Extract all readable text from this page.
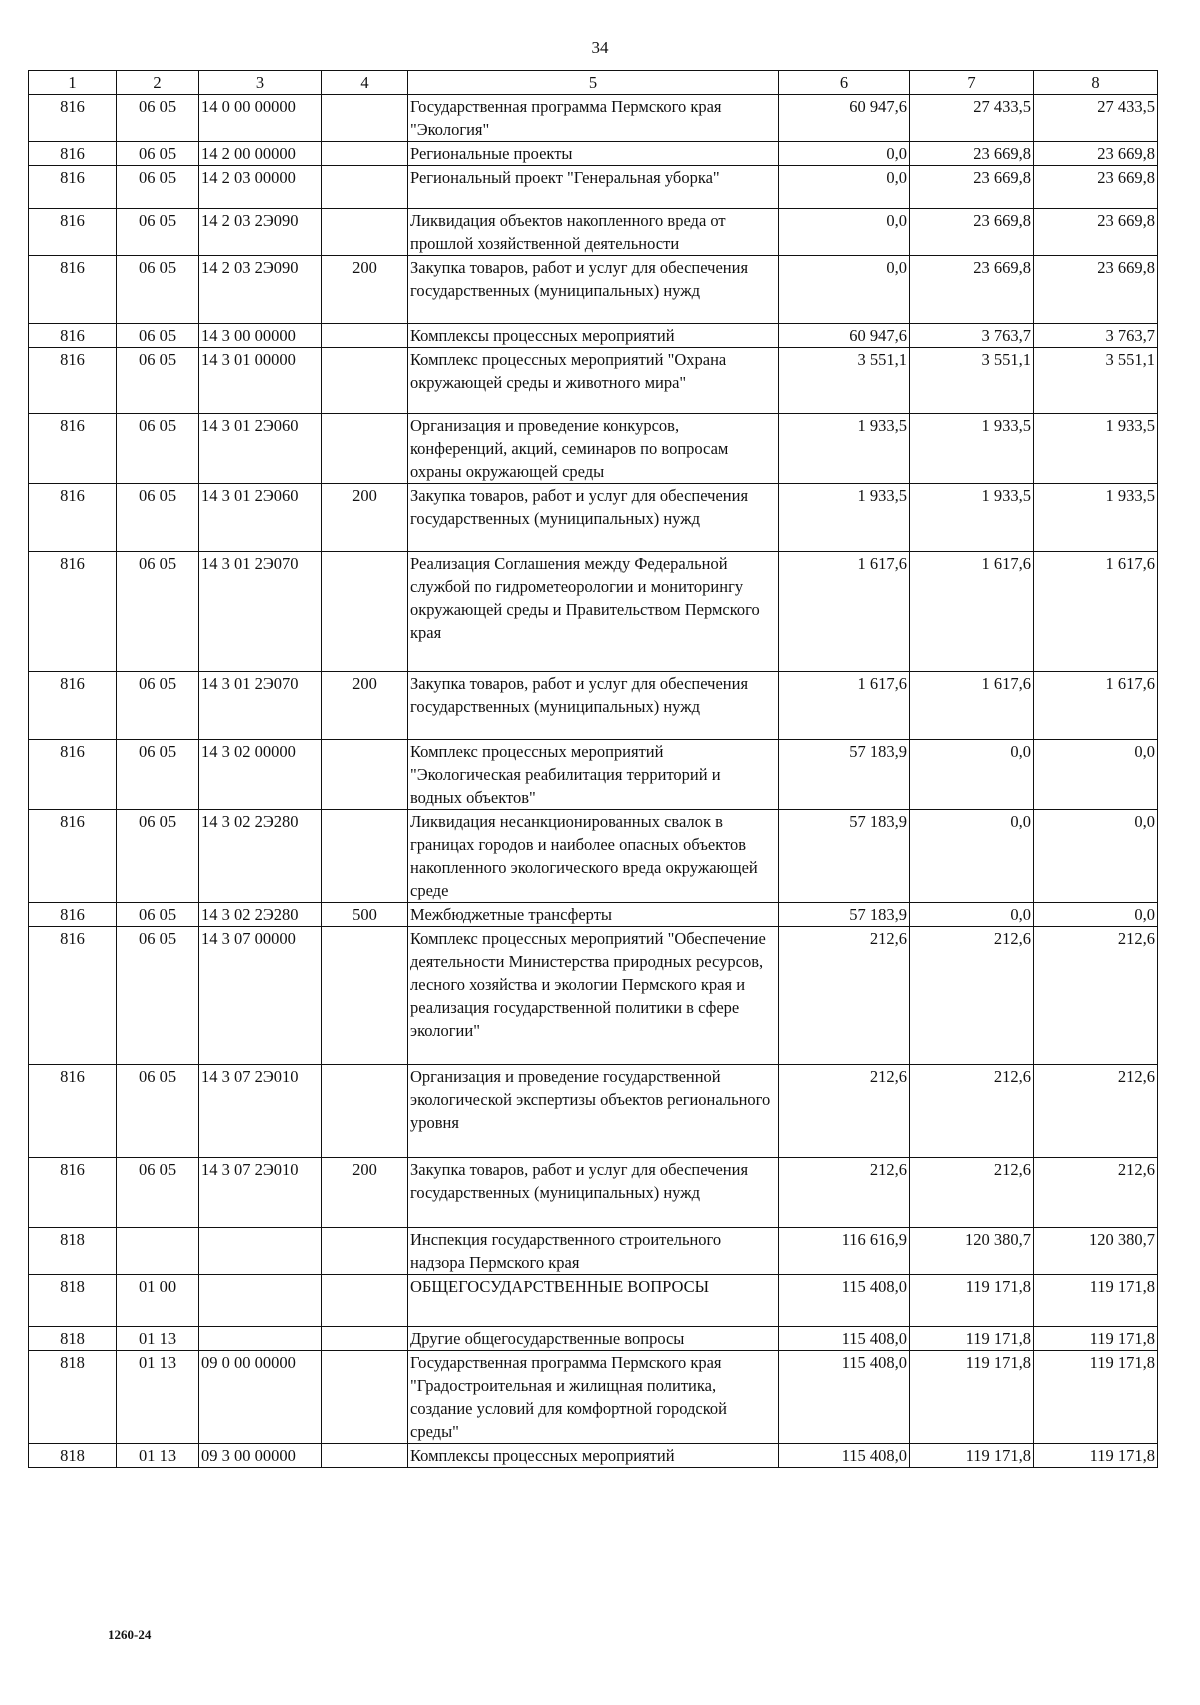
34
1	2	3	4	5	6	7	8
816	06 05	14 0 00 00000		Государственная программа Пермского края "Экология"	60 947,6	27 433,5	27 433,5
816	06 05	14 2 00 00000		Региональные проекты	0,0	23 669,8	23 669,8
816	06 05	14 2 03 00000		Региональный проект "Генеральная уборка"	0,0	23 669,8	23 669,8
816	06 05	14 2 03 2Э090		Ликвидация объектов накопленного вреда от прошлой хозяйственной деятельности	0,0	23 669,8	23 669,8
816	06 05	14 2 03 2Э090	200	Закупка товаров, работ и услуг для обеспечения государственных (муниципальных) нужд	0,0	23 669,8	23 669,8
816	06 05	14 3 00 00000		Комплексы процессных мероприятий	60 947,6	3 763,7	3 763,7
816	06 05	14 3 01 00000		Комплекс процессных мероприятий "Охрана окружающей среды и животного мира"	3 551,1	3 551,1	3 551,1
816	06 05	14 3 01 2Э060		Организация и проведение конкурсов, конференций, акций, семинаров по вопросам охраны окружающей среды	1 933,5	1 933,5	1 933,5
816	06 05	14 3 01 2Э060	200	Закупка товаров, работ и услуг для обеспечения государственных (муниципальных) нужд	1 933,5	1 933,5	1 933,5
816	06 05	14 3 01 2Э070		Реализация Соглашения между Федеральной службой по гидрометеорологии и мониторингу окружающей среды и Правительством Пермского края	1 617,6	1 617,6	1 617,6
816	06 05	14 3 01 2Э070	200	Закупка товаров, работ и услуг для обеспечения государственных (муниципальных) нужд	1 617,6	1 617,6	1 617,6
816	06 05	14 3 02 00000		Комплекс процессных мероприятий "Экологическая реабилитация территорий и водных объектов"	57 183,9	0,0	0,0
816	06 05	14 3 02 2Э280		Ликвидация несанкционированных свалок в границах городов и наиболее опасных объектов накопленного экологического вреда окружающей среде	57 183,9	0,0	0,0
816	06 05	14 3 02 2Э280	500	Межбюджетные трансферты	57 183,9	0,0	0,0
816	06 05	14 3 07 00000		Комплекс процессных мероприятий "Обеспечение деятельности Министерства природных ресурсов, лесного хозяйства и экологии Пермского края и реализация государственной политики в сфере экологии"	212,6	212,6	212,6
816	06 05	14 3 07 2Э010		Организация и проведение государственной экологической экспертизы объектов регионального уровня	212,6	212,6	212,6
816	06 05	14 3 07 2Э010	200	Закупка товаров, работ и услуг для обеспечения государственных (муниципальных) нужд	212,6	212,6	212,6
818				Инспекция государственного строительного надзора Пермского края	116 616,9	120 380,7	120 380,7
818	01 00			ОБЩЕГОСУДАРСТВЕННЫЕ ВОПРОСЫ	115 408,0	119 171,8	119 171,8
818	01 13			Другие общегосударственные вопросы	115 408,0	119 171,8	119 171,8
818	01 13	09 0 00 00000		Государственная программа Пермского края "Градостроительная и жилищная политика, создание условий для комфортной городской среды"	115 408,0	119 171,8	119 171,8
818	01 13	09 3 00 00000		Комплексы процессных мероприятий	115 408,0	119 171,8	119 171,8
1260-24
